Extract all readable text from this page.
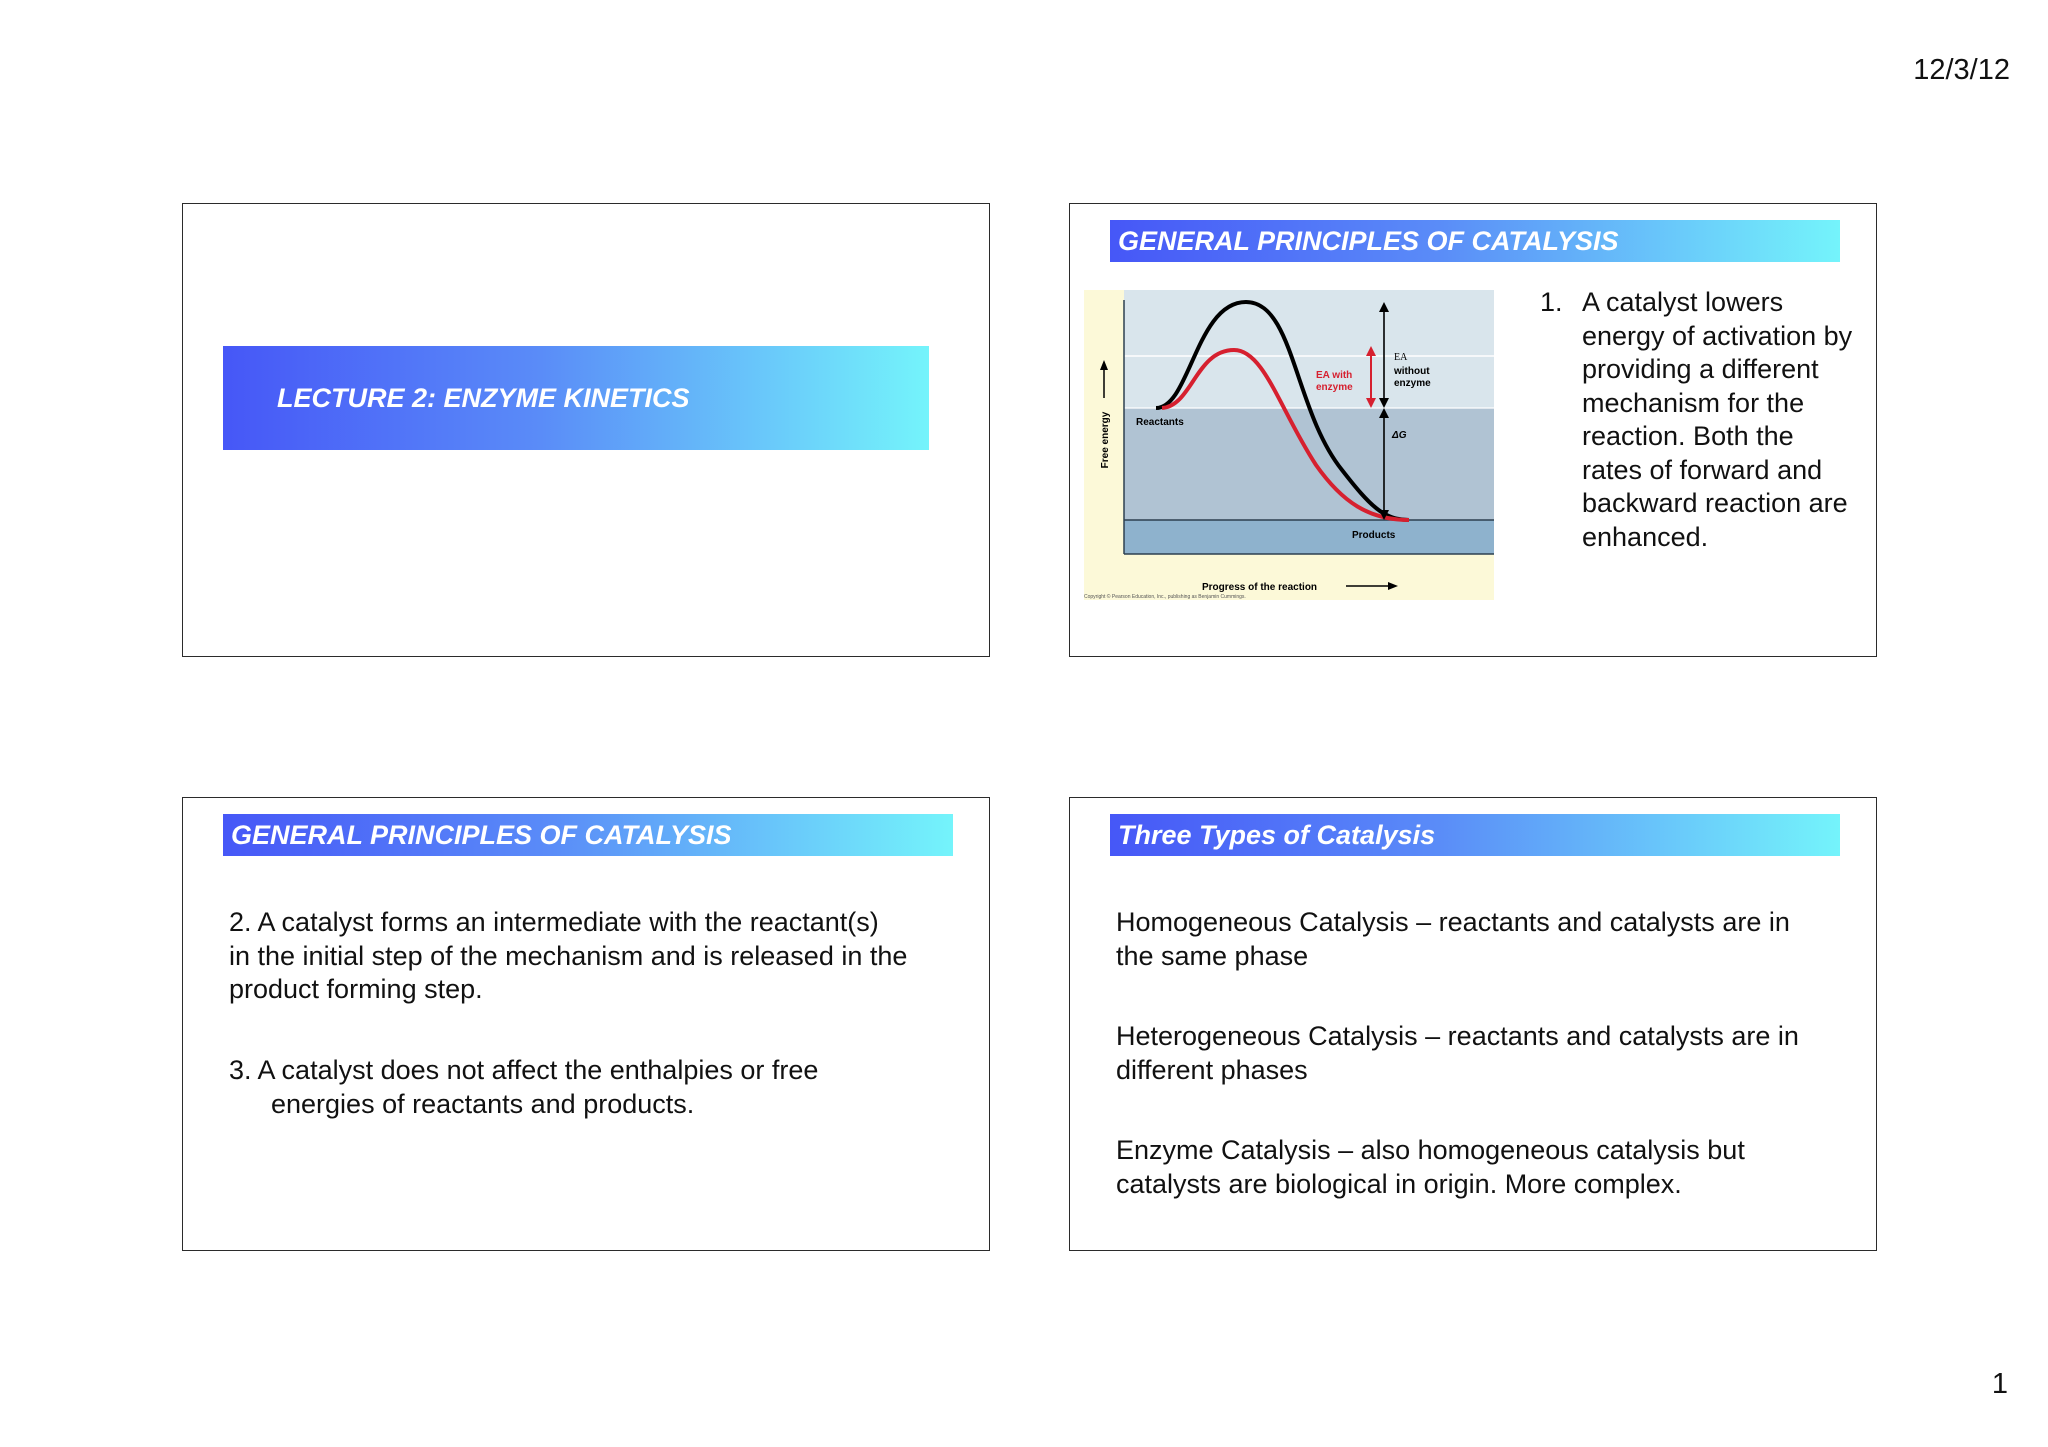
12/3/12
LECTURE 2: ENZYME KINETICS
GENERAL PRINCIPLES OF CATALYSIS
Free energy
Progress of the reaction
Reactants
Products
EA with
enzyme
EA
without
enzyme
ΔG
Copyright © Pearson Education, Inc., publishing as Benjamin Cummings.
1. A catalyst lowers energy of activation by providing a different mechanism for the reaction. Both the rates of forward and backward reaction are enhanced.
GENERAL PRINCIPLES OF CATALYSIS
2. A catalyst forms an intermediate with the reactant(s)
in the initial step of the mechanism and is released in the
product forming step.
3. A catalyst does not affect the enthalpies or free
energies of reactants and products.
Three Types of Catalysis
Homogeneous Catalysis – reactants and catalysts are in
the same phase
Heterogeneous Catalysis – reactants and catalysts are in
different phases
Enzyme Catalysis – also homogeneous catalysis but
catalysts are biological in origin. More complex.
1
